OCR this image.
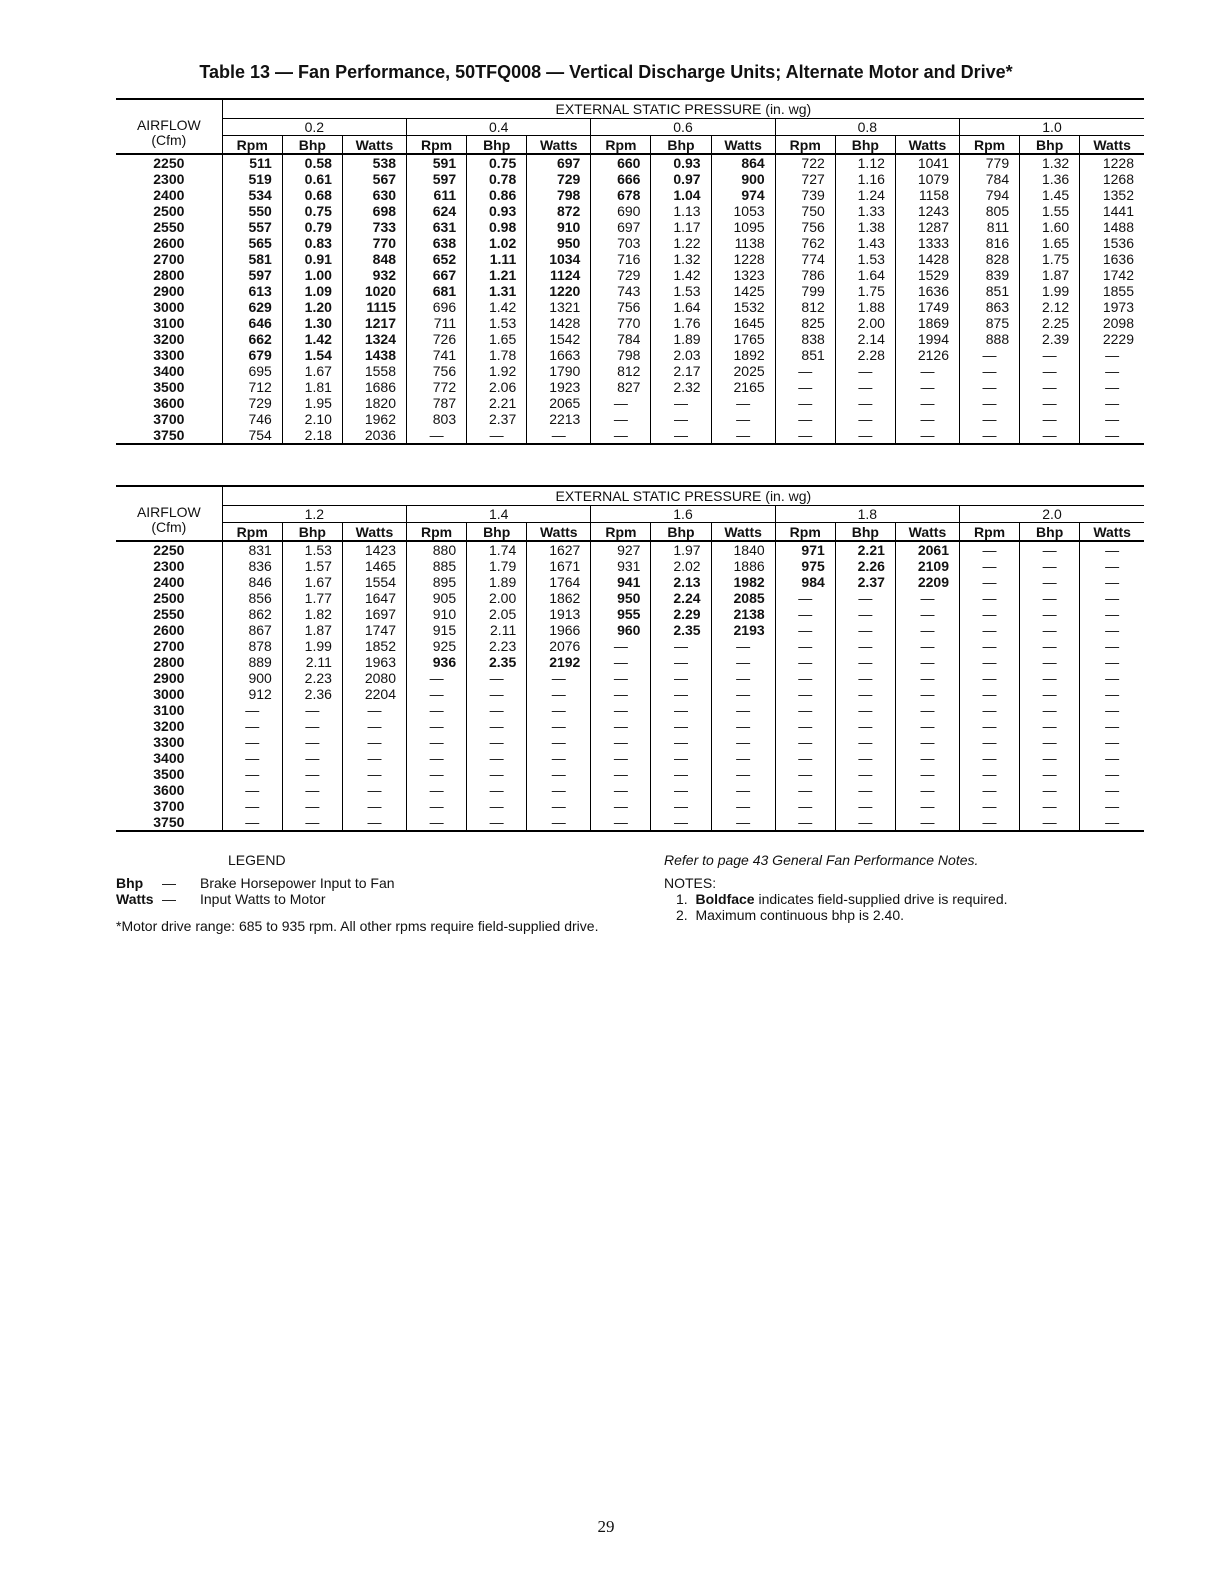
Table 13 — Fan Performance, 50TFQ008 — Vertical Discharge Units; Alternate Motor and Drive*
AIRFLOW
(Cfm)	EXTERNAL STATIC PRESSURE (in. wg)														
	0.2			0.4			0.6			0.8			1.0		
	Rpm	Bhp	Watts	Rpm	Bhp	Watts	Rpm	Bhp	Watts	Rpm	Bhp	Watts	Rpm	Bhp	Watts
2250	511	0.58	538	591	0.75	697	660	0.93	864	722	1.12	1041	779	1.32	1228
2300	519	0.61	567	597	0.78	729	666	0.97	900	727	1.16	1079	784	1.36	1268
2400	534	0.68	630	611	0.86	798	678	1.04	974	739	1.24	1158	794	1.45	1352
2500	550	0.75	698	624	0.93	872	690	1.13	1053	750	1.33	1243	805	1.55	1441
2550	557	0.79	733	631	0.98	910	697	1.17	1095	756	1.38	1287	811	1.60	1488
2600	565	0.83	770	638	1.02	950	703	1.22	1138	762	1.43	1333	816	1.65	1536
2700	581	0.91	848	652	1.11	1034	716	1.32	1228	774	1.53	1428	828	1.75	1636
2800	597	1.00	932	667	1.21	1124	729	1.42	1323	786	1.64	1529	839	1.87	1742
2900	613	1.09	1020	681	1.31	1220	743	1.53	1425	799	1.75	1636	851	1.99	1855
3000	629	1.20	1115	696	1.42	1321	756	1.64	1532	812	1.88	1749	863	2.12	1973
3100	646	1.30	1217	711	1.53	1428	770	1.76	1645	825	2.00	1869	875	2.25	2098
3200	662	1.42	1324	726	1.65	1542	784	1.89	1765	838	2.14	1994	888	2.39	2229
3300	679	1.54	1438	741	1.78	1663	798	2.03	1892	851	2.28	2126	—	—	—
3400	695	1.67	1558	756	1.92	1790	812	2.17	2025	—	—	—	—	—	—
3500	712	1.81	1686	772	2.06	1923	827	2.32	2165	—	—	—	—	—	—
3600	729	1.95	1820	787	2.21	2065	—	—	—	—	—	—	—	—	—
3700	746	2.10	1962	803	2.37	2213	—	—	—	—	—	—	—	—	—
3750	754	2.18	2036	—	—	—	—	—	—	—	—	—	—	—	—
AIRFLOW
(Cfm)	EXTERNAL STATIC PRESSURE (in. wg)														
	1.2			1.4			1.6			1.8			2.0		
	Rpm	Bhp	Watts	Rpm	Bhp	Watts	Rpm	Bhp	Watts	Rpm	Bhp	Watts	Rpm	Bhp	Watts
2250	831	1.53	1423	880	1.74	1627	927	1.97	1840	971	2.21	2061	—	—	—
2300	836	1.57	1465	885	1.79	1671	931	2.02	1886	975	2.26	2109	—	—	—
2400	846	1.67	1554	895	1.89	1764	941	2.13	1982	984	2.37	2209	—	—	—
2500	856	1.77	1647	905	2.00	1862	950	2.24	2085	—	—	—	—	—	—
2550	862	1.82	1697	910	2.05	1913	955	2.29	2138	—	—	—	—	—	—
2600	867	1.87	1747	915	2.11	1966	960	2.35	2193	—	—	—	—	—	—
2700	878	1.99	1852	925	2.23	2076	—	—	—	—	—	—	—	—	—
2800	889	2.11	1963	936	2.35	2192	—	—	—	—	—	—	—	—	—
2900	900	2.23	2080	—	—	—	—	—	—	—	—	—	—	—	—
3000	912	2.36	2204	—	—	—	—	—	—	—	—	—	—	—	—
3100	—	—	—	—	—	—	—	—	—	—	—	—	—	—	—
3200	—	—	—	—	—	—	—	—	—	—	—	—	—	—	—
3300	—	—	—	—	—	—	—	—	—	—	—	—	—	—	—
3400	—	—	—	—	—	—	—	—	—	—	—	—	—	—	—
3500	—	—	—	—	—	—	—	—	—	—	—	—	—	—	—
3600	—	—	—	—	—	—	—	—	—	—	—	—	—	—	—
3700	—	—	—	—	—	—	—	—	—	—	—	—	—	—	—
3750	—	—	—	—	—	—	—	—	—	—	—	—	—	—	—
LEGEND
Bhp	—	Brake Horsepower Input to Fan
Watts —	Input Watts to Motor
*Motor drive range: 685 to 935 rpm. All other rpms require field-supplied drive.
Refer to page 43 General Fan Performance Notes.
NOTES:
1. Boldface indicates field-supplied drive is required.
2. Maximum continuous bhp is 2.40.
29
